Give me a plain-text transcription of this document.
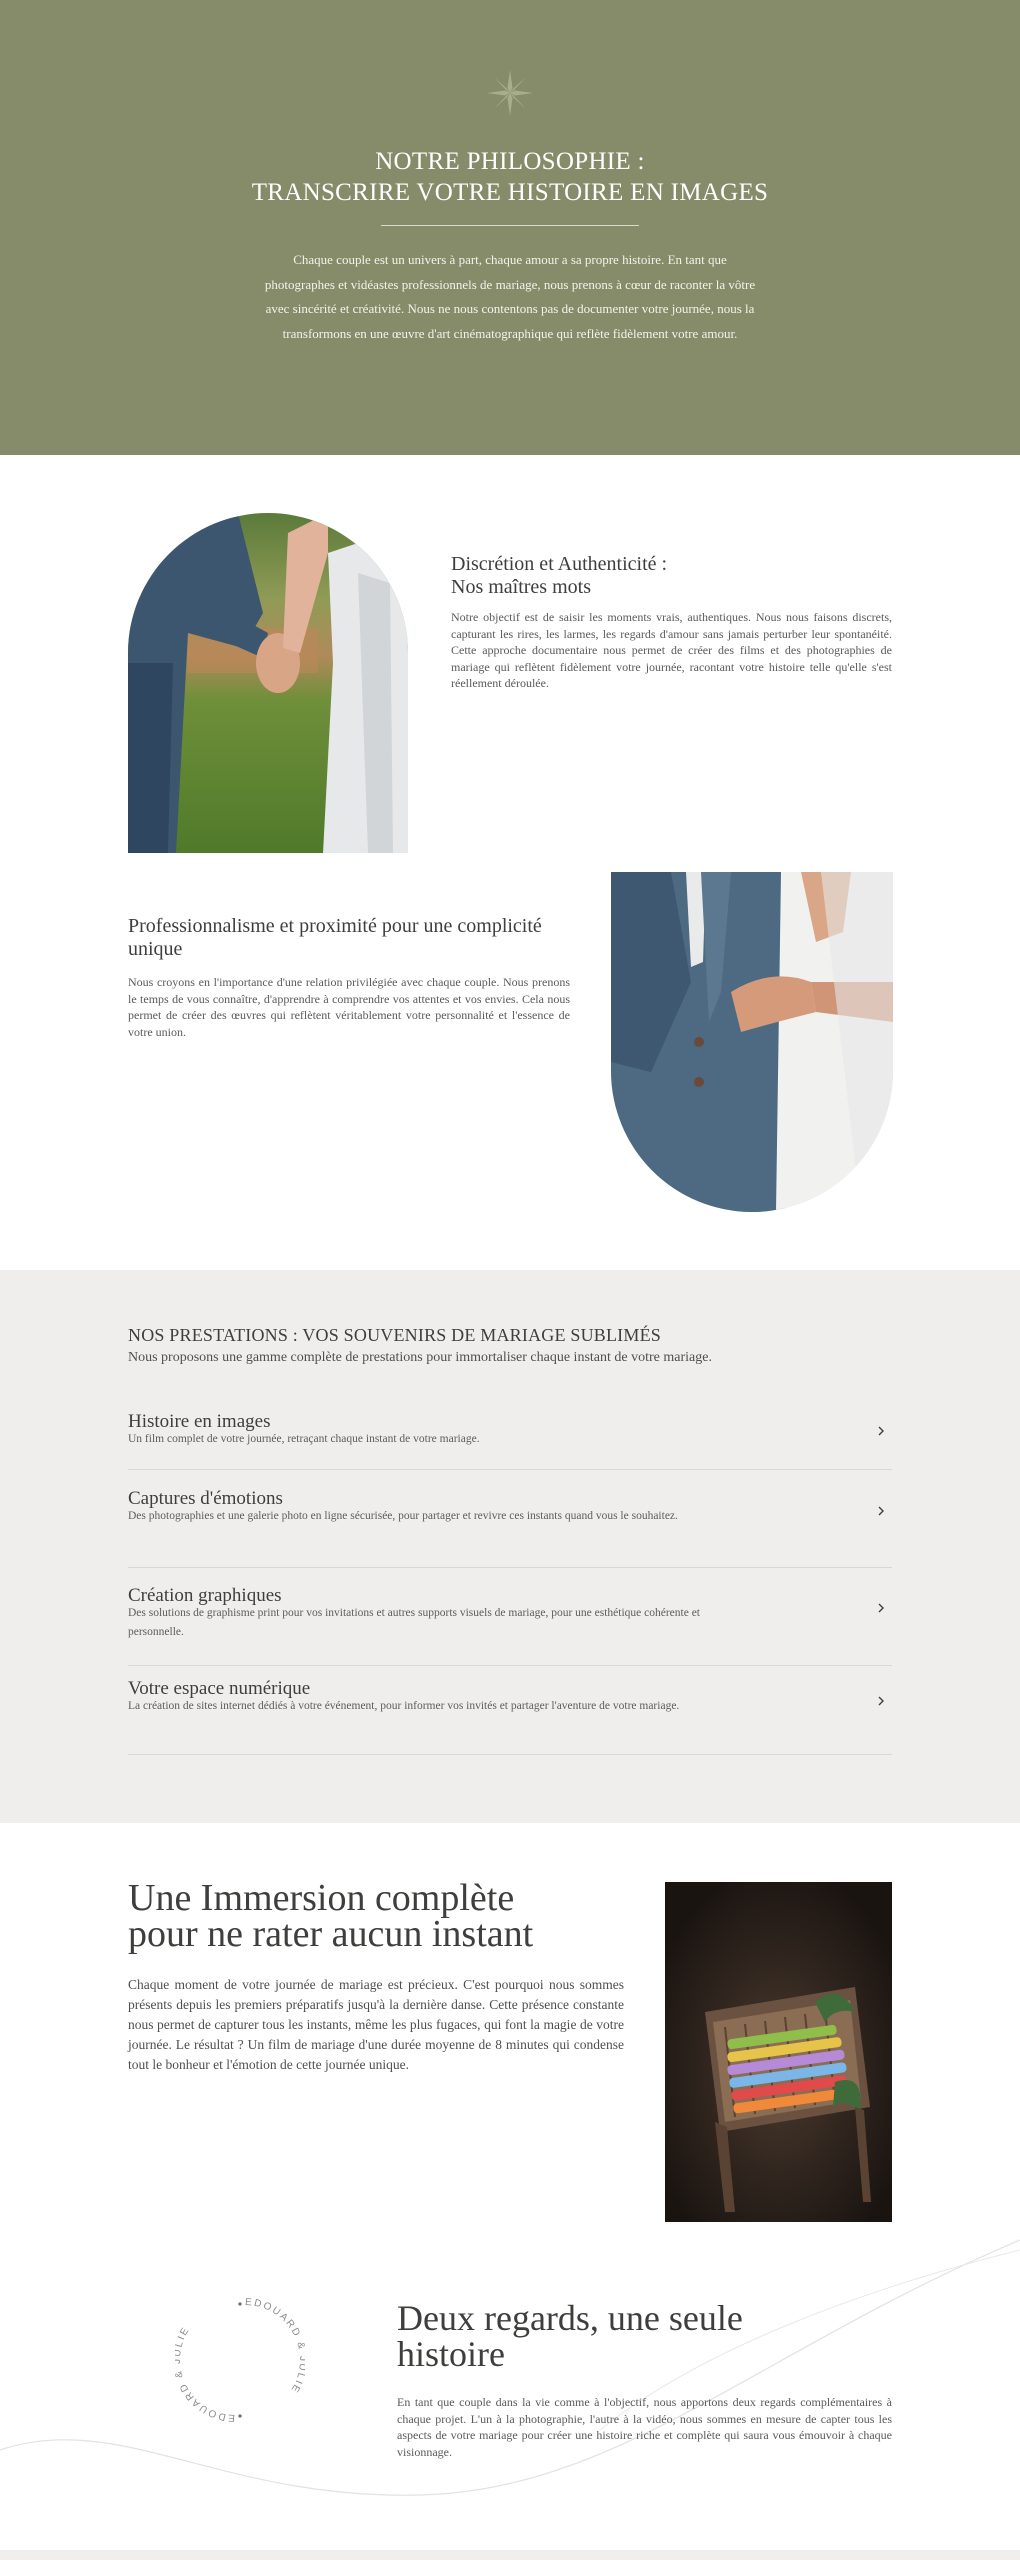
NOTRE PHILOSOPHIE :
TRANSCRIRE VOTRE HISTOIRE EN IMAGES

Chaque couple est un univers à part, chaque amour a sa propre histoire. En tant que photographes et vidéastes professionnels de mariage, nous prenons à cœur de raconter la vôtre avec sincérité et créativité. Nous ne nous contentons pas de documenter votre journée, nous la transformons en une œuvre d'art cinématographique qui reflète fidèlement votre amour.

Discrétion et Authenticité :
Nos maîtres mots

Notre objectif est de saisir les moments vrais, authentiques. Nous nous faisons discrets, capturant les rires, les larmes, les regards d'amour sans jamais perturber leur spontanéité. Cette approche documentaire nous permet de créer des films et des photographies de mariage qui reflètent fidèlement votre journée, racontant votre histoire telle qu'elle s'est réellement déroulée.

Professionnalisme et proximité pour une complicité
unique

Nous croyons en l'importance d'une relation privilégiée avec chaque couple. Nous prenons le temps de vous connaître, d'apprendre à comprendre vos attentes et vos envies. Cela nous permet de créer des œuvres qui reflètent véritablement votre personnalité et l'essence de votre union.

NOS PRESTATIONS : VOS SOUVENIRS DE MARIAGE SUBLIMÉS
Nous proposons une gamme complète de prestations pour immortaliser chaque instant de votre mariage.
Histoire en images
Un film complet de votre journée, retraçant chaque instant de votre mariage.
Captures d'émotions
Des photographies et une galerie photo en ligne sécurisée, pour partager et revivre ces instants quand vous le souhaitez.
Création graphiques
Des solutions de graphisme print pour vos invitations et autres supports visuels de mariage, pour une esthétique cohérente et personnelle.
Votre espace numérique
La création de sites internet dédiés à votre événement, pour informer vos invités et partager l'aventure de votre mariage.
Une Immersion complète
pour ne rater aucun instant

Chaque moment de votre journée de mariage est précieux. C'est pourquoi nous sommes présents depuis les premiers préparatifs jusqu'à la dernière danse. Cette présence constante nous permet de capturer tous les instants, même les plus fugaces, qui font la magie de votre journée. Le résultat ? Un film de mariage d'une durée moyenne de 8 minutes qui condense tout le bonheur et l'émotion de cette journée unique.

EDOUARD IE
EDOUARD IE
Deux regards, une seule
histoire

En tant que couple dans la vie comme à l'objectif, nous apportons deux regards complémentaires à chaque projet. L'un à la photographie, l'autre à la vidéo, nous sommes en mesure de capter tous les aspects de votre mariage pour créer une histoire riche et complète qui saura vous émouvoir à chaque visionnage.
